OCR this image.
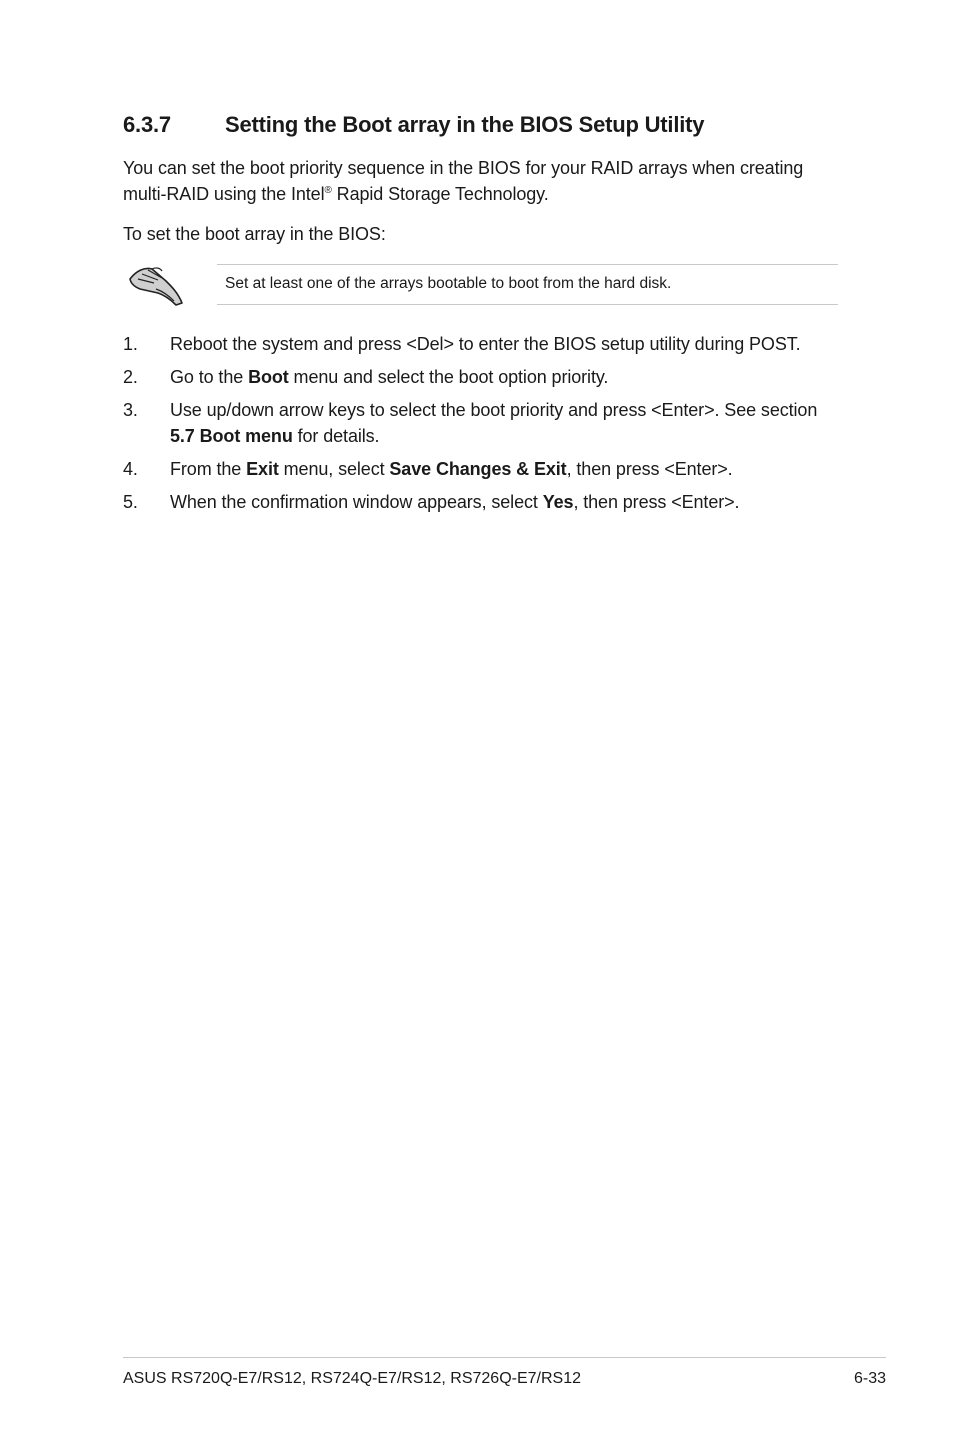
6.3.7 Setting the Boot array in the BIOS Setup Utility

You can set the boot priority sequence in the BIOS for your RAID arrays when creating multi-RAID using the Intel® Rapid Storage Technology.

To set the boot array in the BIOS:

Set at least one of the arrays bootable to boot from the hard disk.

1. Reboot the system and press <Del> to enter the BIOS setup utility during POST.
2. Go to the Boot menu and select the boot option priority.
3. Use up/down arrow keys to select the boot priority and press <Enter>. See section 5.7 Boot menu for details.
4. From the Exit menu, select Save Changes & Exit, then press <Enter>.
5. When the confirmation window appears, select Yes, then press <Enter>.
ASUS RS720Q-E7/RS12, RS724Q-E7/RS12, RS726Q-E7/RS12	6-33
